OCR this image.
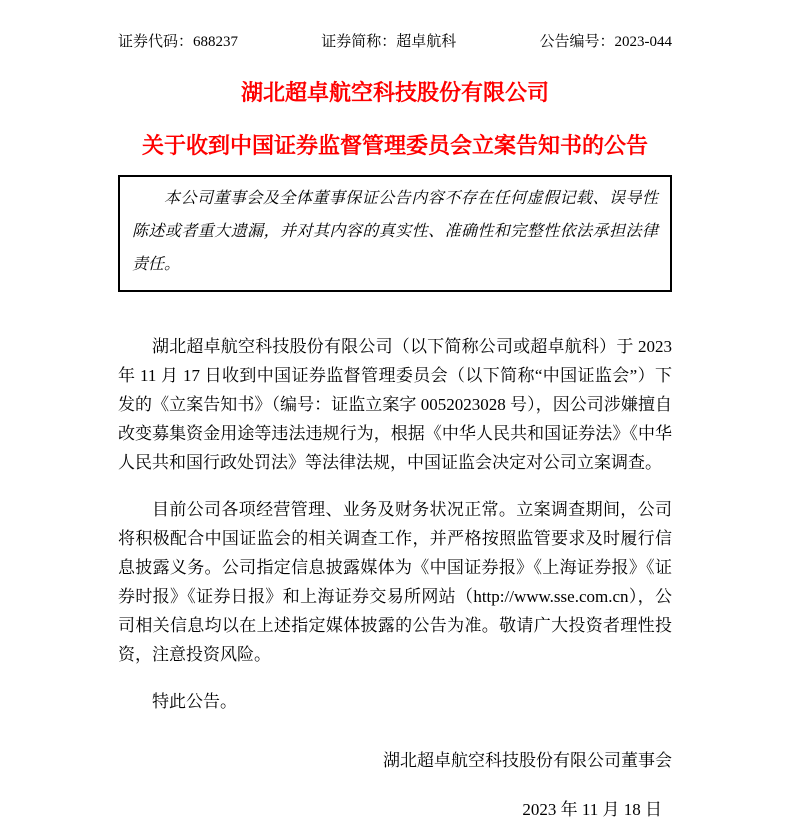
证券代码：688237	证券简称：超卓航科	公告编号：2023-044
湖北超卓航空科技股份有限公司
关于收到中国证券监督管理委员会立案告知书的公告

本公司董事会及全体董事保证公告内容不存在任何虚假记载、误导性陈述或者重大遗漏，并对其内容的真实性、准确性和完整性依法承担法律责任。

湖北超卓航空科技股份有限公司（以下简称公司或超卓航科）于 2023 年 11 月 17 日收到中国证券监督管理委员会（以下简称“中国证监会”）下发的《立案告知书》（编号：证监立案字 0052023028 号），因公司涉嫌擅自改变募集资金用途等违法违规行为，根据《中华人民共和国证券法》《中华人民共和国行政处罚法》等法律法规，中国证监会决定对公司立案调查。

目前公司各项经营管理、业务及财务状况正常。立案调查期间，公司将积极配合中国证监会的相关调查工作，并严格按照监管要求及时履行信息披露义务。公司指定信息披露媒体为《中国证券报》《上海证券报》《证券时报》《证券日报》和上海证券交易所网站（http://www.sse.com.cn），公司相关信息均以在上述指定媒体披露的公告为准。敬请广大投资者理性投资，注意投资风险。

特此公告。

湖北超卓航空科技股份有限公司董事会
2023 年 11 月 18 日
